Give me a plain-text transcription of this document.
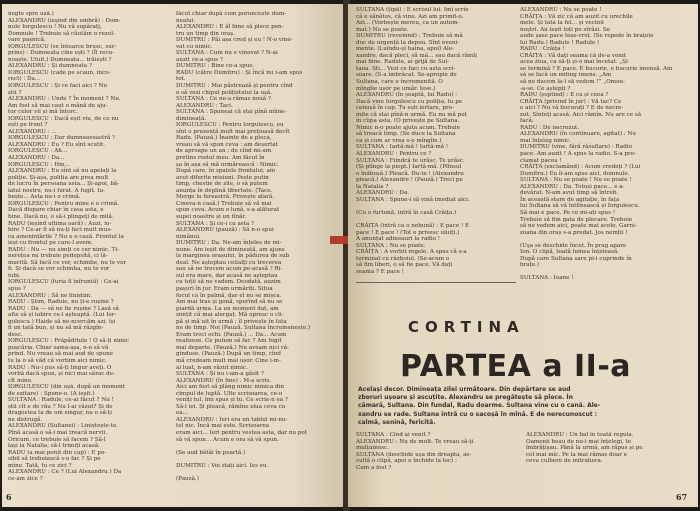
negte spre ușă.)
ALEXANDRU (ieșind din umbră) : Dom-
nule Iorgulescu ! Nu vă supărați,
Domnule ! Trebuie să căutăm o rezol-
vare pașnică.
IORGULESCU (se întoarce brusc, sur-
prins) : Dumneata cine ești ? (Îl recu-
noaște. Uluit.) Dumneata... trăiești ?
ALEXANDRU : Și dumneata ?
IORGULESCU (cade pe scaun, inco-
rect) : Da...
IORGULESCU : Și ce faci aici ? Nu
știi ?
ALEXANDRU : Unde ? În moment ? Nu.
Am fost să mai caut o mână de aju-
tor celor vii și mă întorc.
IORGULESCU : Dacă eșit viu, de ce nu
ești pe front ?
ALEXANDRU : ...
IORGULESCU : Dar dumneavoastră ?
ALEXANDRU : Eu ? Eu sînt scutit.
IORGULESCU : Ah...
ALEXANDRU : Da...
IORGULESCU : Hm...
ALEXANDRU : Eu sînt să nu apelați la
poliție. Și-așa, poliția are prea mult
de lucru în persoana asta... Și-apoi, bă-
iatul nostru, nu-i furat. A fugit. Iu-
bește... Asta nu-i o crimă.
IORGULESCU : Pentru mine e o crimă.
Dacă dispare chiar în casa asta, e
bine. Dacă nu, o să-i plingeți de milă.
RADU (ieșind ultima oară) : Auzi, iu-
bire ? Ce-ar fi să nu-ți faci mult mus-
ca amenințările ? Nu e o cază. Frontul la
ieși cu frontul pe care-l avem.
RADU : Nu — nu simți ce cer nimic. Ti-
nerețea nu trebuie pedepsită, ci lă-
murită. Să facă ce vor, schimbe, nu te vor
fi. Și dacă se vor schimba, nu te vor
iubi.
IORGULESCU (furia îl înfruntă) : Ce-ai
spus ?
ALEXANDRU : Să ne liniștim.
RADU : Știm, Radule, nu ți-e rușine ?
RADU : Da — să ne fie rușine ? Lasă să
alte să și iubire ce-l așteaptă. (Lui Ior-
gulescu.) Haide să ne-ncercăm azi, își
fi un tată bun, și nu să mă răzgîn-
desc.
IORGULESCU : Prăpăditule ! O să-ți nimic
pușcăria. Chiar sama-așa, n-o să vă
prind. Nu vreau să mai aud de spune
tu la o să văd că vorbim aici nimic.
RADU : Nu-i pus să-ți lingur aveți. O
vorbă dacă spun, și nici mai sărac de-
cît mine.
IORGULESCU (din ușă, după un moment
de ezitare) : Spune-o. (A ieșit.)
SULTANA : Radule, ce-ai făcut ? Nu !
știi cît e de rău ? Nu l-ai văzut? Și de
dragostea ta de om singur, nu o să-ți
ne distrugă.
ALEXANDRU (Sultanei) : Liniștește-te.
Pînă acasă o să-i mai treacă nervii.
Oricum, ce trebuie să facem ? Să-l
lași la Natalia, să-l trimiți acasă.
RADU (a mai ponit din cap) : E po-
sibil să trebuiască s-o fac ? Și pe
mine. Tată, tu ce zici ?
ALEXANDRU : Ce ? (Lui Alexandru.) Da
ce-am zice ?
făcut chiar după cum poruncește dum-
nealui.
ALEXANDRU : E ăl bine să plece pen-
tru un timp din oraș.
DUMITRU : Păi așa cred și eu ! N-o vine-
vat cu nimic.
SULTANA : Cum nu e vinovat ? N-ai
auzit ce-a spus ?
DUMITRU : Bine ce-a spus.
RADU (către Dumitru) : Și încă nu i-am spus
tot.
DUMITRU : Mai păstrează și pentru cînd
o să vezi chipul polițistului la ușă.
SULTANA : Ce ne-a rămas nouă ?
ALEXANDRU : Taci.
SULTANA : Spuneai că stai pînă mîine-
dimineață.
IORGULESCU : Pentru Iorgulescu, eu
sînt o prezență mult mai prețioasă decît
Radu. (Pauză.) Înainte de a pleca,
vreau să vă spun ceva : am deșertat
de aproape un an ; de cînd mi-am
pretins rostul meu. Am făcut în
șa în așa să mă urmărească : Nimic.
După care, în spatele frontului, am
avut diferite misiuni. Peste putin
timp, chestie de zile, o să putem
anunța în deplină libertate. (Tace.
Merge la fereastră. Privește afară.
Cineva-n casă.) Trebuie să vă mai
spun ceva. Acum o lună, s-a alăturat
supei noastre și un tînăr.
SULTANA : Și ce-i cu asta ?
ALEXANDRU (pauză) : Să n-o spui
nimănui.
DUMITRU : Da. Ne-am înțeles de mi-
nune. Am ieșit de dimineață, am ajuns
la marginea orașului, în pădurea de sub
deal. Ne așteptau ceilalți cu trecerea
sau să ne trecem acum pe-acasă ? Ri-
sul era mare, dar acasă ne așteptau
cu toții să ne vadem. Deodată, auzim
pașuri în jur. Eram urmăriți. Situa
focul ca în palmă, dar el nu se mișca.
Am mai tras și gonă, sperînd să nu se
piardă urma. La un moment dat, am
simțit că mai alergaț. Mă opresc o cli-
pă și mă uit în urmă ; îl privește în fata
ne de timp. Noi (Pauză. Sultana încremenește.)
Eram treci ochi. (Pauză.) ... Da... Acum
realizeze. Ce putem să fac ? Am fugit
mai departe. (Pauză.) Nu aveam nici ră-
ginduse. (Pauză.) După un timp, cînd
mă credeam mult mai ușor. Cine i-m-
ai luat, n-am văzut nimic.
SULTANA : Și nu i-am-a găsit ?
ALEXANDRU (în fine) : M-a scris.
Aici am fost să plâng nimic nimica din
cîmpul de luptă. Ulte scrisoarea, ce-o
veniți tul, îmi spus și tu. Ce scrie-n ea ?
Să-l iei. Și pleacă, rămîne ziua ceva cu
ea...
ALEXANDRU : Ieri era un tablul mi-nu-
tol nic. Încă mai este. Scrisoarea
eram aici... Ieri pentru vestea asta, dar nu pot
să vă spun... Acum e ora să vă spun.
(Se aud bătăi în poartă.)
DUMITRU : Voi stați aici. Ies eu.
(Pauză.)
6
SULTANA (țipă) : E scrisul lui. Îmi scrie
că e sănătos, că vine. Azi am primit-o.
Azi... (Vorbește mereu, ca un autom-
mat.) Nu se poate.
DUMITRU (revenind) : Trebuie să mă
duc de urgență la depou. Sînt eveni-
mente. (Luîndu-și haina, apoi) Ale-
xandre, dacă pleci, să mă... sau dacă rămîi
mai bine. Radule, ai grijă de Sul-
tana. Ști... Vezi ce faci cu asta scri-
soare. (S-a îmbrăcat. Se-apropie de
Sultana, care e încremenită. O
mîngîie ușor pe umăr. Iese.)
ALEXANDRU (în șoaptă, lui Radu) :
Dacă vine Iorgulescu cu poliția, tu pe
cenușă în cap. Tu ești iertare, pro-
mite că stai pînă-n urmă. Eu nu mă pot
în clipa asta. (O privește pe Sultana.
Nimic n-o poate ajuta acum. Trebuie
să treacă timp. (Se duce la Sultana
ca și cum ar vrea s-o mîngîie.)
SULTANA : Iartă-mă ! Iartă-mă !
ALEXANDRU : Pentru ce ?
SULTANA : Fiindcă te urăsc. Te urăsc.
(Și plînge la piept.) Iartă-mă. (Plînsul
o înăbușă.) Pleacă. Du-te ! (Alexandru
pleacă.) Alexandre ! (Pauză.) Treci pe
la Natalia ?
ALEXANDRU : Da.
SULTANA : Spune-i să vină imediat aici.
(Cu o furtună, intră în casă Crăița.)
CRĂIȚA (intră ca o nebună) : E pace ! E
pace ! E pace ! (Tot o privesc uluiți.)
A anunțat adineauri la radio !
SULTANA : Nu se poate.
CRĂIȚA : A vorbit regele. A spus că s-a
terminat cu războiul. (Se-acum o
să fim liberi, o să fie pace. Vă dați
seama ? E pace !
ALEXANDRU : Nu se poate !
CRĂIȚA : Vă zic că am auzit cu urechile
mele. Și tata la fel... și vecinii
noștri. Au ieșit toți pe străzi. Se
aude șase pace Ieșe-vreț. (Se repede în brațele
lui Radu.) Radule ! Radule !
RADU : Crăița !
CRĂIȚA : Vă dați seama că de-a venit
acea ziua, ca să-ți și-o mai încetat. „Și
se termină ? E pace. E bucurie, e bucurie imensă. Am
să se facă un miting imens. „Am
să ne ducem la-l să vedem !” „Omou-
-a-se. Ce aștepți ?
RADU (șoptind) : E ca și ceea ?
CRĂIȚA (privind în jur) : Vă tac? Ce
e aici ? Nu vă bucurați ? E de necre-
zut. Sînteți acasă. Aici rămîn. Nu are ce să
facă.
RADU : De necrezut.
ALEXANDRU (în continuare, agitat) : Nu
mai înțeleg nimic.
DUMITRU (vine, fără răsuflare) : Radio
pace. Am auzit ! A spus la radio. S-a pro-
clamat pacea !
CRĂIȚA (exclamând) : Acum credeți ? (Lui
Dumitru.) Eu îi-am spus aici, domnule.
SULTANA : Nu se poate ! Nu se poate !
ALEXANDRU : Da. Totuși pace... e a-
devărat. N-am avut timp să întreb.
În această stare de agitație, în fața
lui Sultana să vă întîlnească și Iorgulescu.
Să mai e pace. Pe ce mi-ați spus !
Trebuie să fim gata de plecare. Trebuie
să ne vedem aici, poate mai acolo. Garni-
zoana din oraș s-a predat. Jos nemții !
(Uşa se deschide încet. În prag apare
Ion. O clipă, toată lumea înțeleasă.
După care Sultana sare pi-i cuprinde în
brațe.)
SULTANA : Ioane !
CORTINA
PARTEA a II-a
Același decor. Dimineața zilei următoare. Din depărtare se aud
zboruri ușoare și ascuțite. Alexandru se pregătește să plece. În
cămară, Sultana. Din fundal, Radu doarme. Sultana vine cu o cană. Ale-
xandru se rade. Sultana intră cu o sacoșă în mînă. E de nerecunoscut :
calmă, senină, fericită.
SULTANA : Cînd ai venit ?
ALEXANDRU : Nu de mult. Te vreau să-ți
mulțumesc.
SULTANA (deschide ușa din dreapta, as-
cultă o clipă, apoi o închide la loc) :
Cum a fost ?
ALEXANDRU : Un bal în toată regula.
Oamenii beau de nu-i mai înțelegi, te
îmbrățișau. Până la urmă, am răpus și pe
cel mai mic. Pe la mai rămas doar e
ceva culbere de mitraliera.
67
